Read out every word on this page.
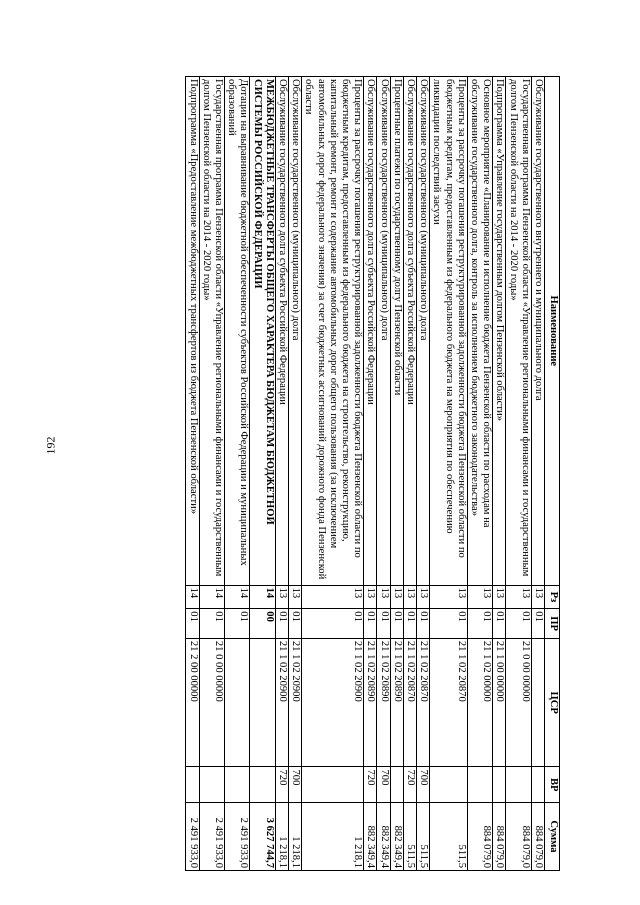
192
Наименование	Рз	ПР	ЦСР	ВР	Сумма
Обслуживание государственного внутреннего и муниципального долга	13	01			884 079,0
Государственная программа Пензенской области «Управление региональными финансами и государственным долгом Пензенской области на 2014 - 2020 годы»	13	01	21 0 00 00000		884 079,0
Подпрограмма «Управление государственным долгом Пензенской области»	13	01	21 1 00 00000		884 079,0
Основное мероприятие «Планирование и исполнение бюджета Пензенской области по расходам на обслуживание государственного долга, контроль за исполнением бюджетного законодательства»	13	01	21 1 02 00000		884 079,0
Проценты за рассрочку погашения реструктурированной задолженности бюджета Пензенской области по бюджетным кредитам, предоставленным из федерального бюджета на мероприятия по обеспечению ликвидации последствий засухи	13	01	21 1 02 20870		511,5
Обслуживание государственного (муниципального) долга	13	01	21 1 02 20870	700	511,5
Обслуживание государственного долга субъекта Российской Федерации	13	01	21 1 02 20870	720	511,5
Процентные платежи по государственному долгу Пензенской области	13	01	21 1 02 20890		882 349,4
Обслуживание государственного (муниципального) долга	13	01	21 1 02 20890	700	882 349,4
Обслуживание государственного долга субъекта Российской Федерации	13	01	21 1 02 20890	720	882 349,4
Проценты за рассрочку погашения реструктурированной задолженности бюджета Пензенской области по бюджетным кредитам, предоставленным из федерального бюджета на строительство, реконструкцию, капитальный ремонт, ремонт и содержание автомобильных дорог общего пользования (за исключением автомобильных дорог федерального значения) за счет бюджетных ассигнований дорожного фонда Пензенской области	13	01	21 1 02 20900		1 218,1
Обслуживание государственного (муниципального) долга	13	01	21 1 02 20900	700	1 218,1
Обслуживание государственного долга субъекта Российской Федерации	13	01	21 1 02 20900	720	1 218,1
МЕЖБЮДЖЕТНЫЕ ТРАНСФЕРТЫ ОБЩЕГО ХАРАКТЕРА БЮДЖЕТАМ БЮДЖЕТНОЙ СИСТЕМЫ РОССИЙСКОЙ ФЕДЕРАЦИИ	14	00			3 627 744,7
Дотации на выравнивание бюджетной обеспеченности субъектов Российской Федерации и муниципальных образований	14	01			2 491 933,0
Государственная программа Пензенской области «Управление региональными финансами и государственным долгом Пензенской области на 2014 - 2020 годы»	14	01	21 0 00 00000		2 491 933,0
Подпрограмма «Предоставление межбюджетных трансфертов из бюджета Пензенской области»	14	01	21 2 00 00000		2 491 933,0
